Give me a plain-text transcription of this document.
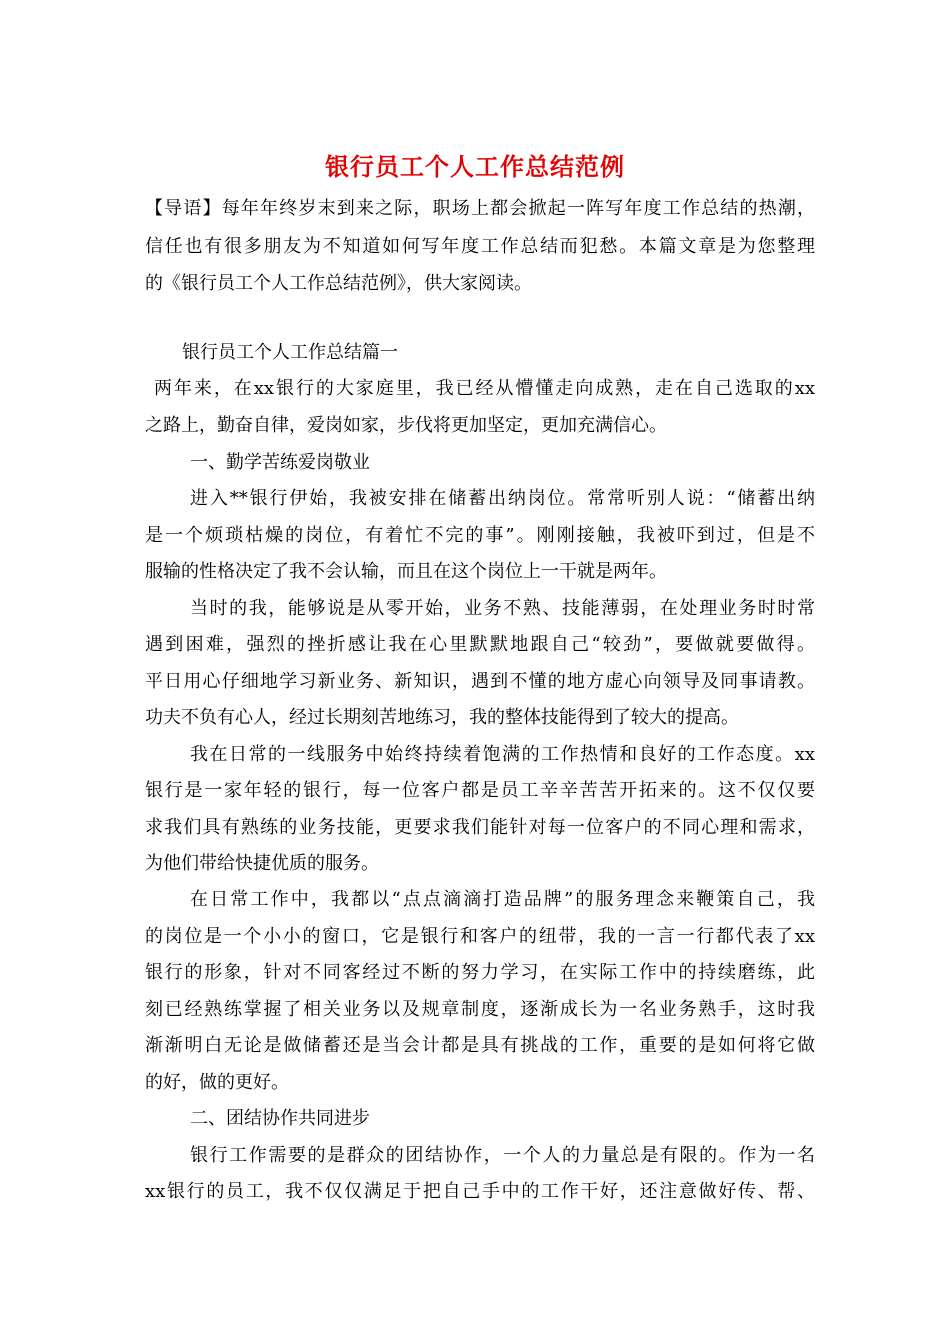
银行员工个人工作总结范例
【导语】每年年终岁末到来之际，职场上都会掀起一阵写年度工作总结的热潮，
信任也有很多朋友为不知道如何写年度工作总结而犯愁。本篇文章是为您整理
的《银行员工个人工作总结范例》，供大家阅读。
银行员工个人工作总结篇一
两年来，在xx银行的大家庭里，我已经从懵懂走向成熟，走在自己选取的xx
之路上，勤奋自律，爱岗如家，步伐将更加坚定，更加充满信心。
一、勤学苦练爱岗敬业
进入**银行伊始，我被安排在储蓄出纳岗位。常常听别人说：“储蓄出纳
是一个烦琐枯燥的岗位，有着忙不完的事”。刚刚接触，我被吓到过，但是不
服输的性格决定了我不会认输，而且在这个岗位上一干就是两年。
当时的我，能够说是从零开始，业务不熟、技能薄弱，在处理业务时时常
遇到困难，强烈的挫折感让我在心里默默地跟自己“较劲”，要做就要做得。
平日用心仔细地学习新业务、新知识，遇到不懂的地方虚心向领导及同事请教。
功夫不负有心人，经过长期刻苦地练习，我的整体技能得到了较大的提高。
我在日常的一线服务中始终持续着饱满的工作热情和良好的工作态度。xx
银行是一家年轻的银行，每一位客户都是员工辛辛苦苦开拓来的。这不仅仅要
求我们具有熟练的业务技能，更要求我们能针对每一位客户的不同心理和需求，
为他们带给快捷优质的服务。
在日常工作中，我都以“点点滴滴打造品牌”的服务理念来鞭策自己，我
的岗位是一个小小的窗口，它是银行和客户的纽带，我的一言一行都代表了xx
银行的形象，针对不同客经过不断的努力学习，在实际工作中的持续磨练，此
刻已经熟练掌握了相关业务以及规章制度，逐渐成长为一名业务熟手，这时我
渐渐明白无论是做储蓄还是当会计都是具有挑战的工作，重要的是如何将它做
的好，做的更好。
二、团结协作共同进步
银行工作需要的是群众的团结协作，一个人的力量总是有限的。作为一名
xx银行的员工，我不仅仅满足于把自己手中的工作干好，还注意做好传、帮、
